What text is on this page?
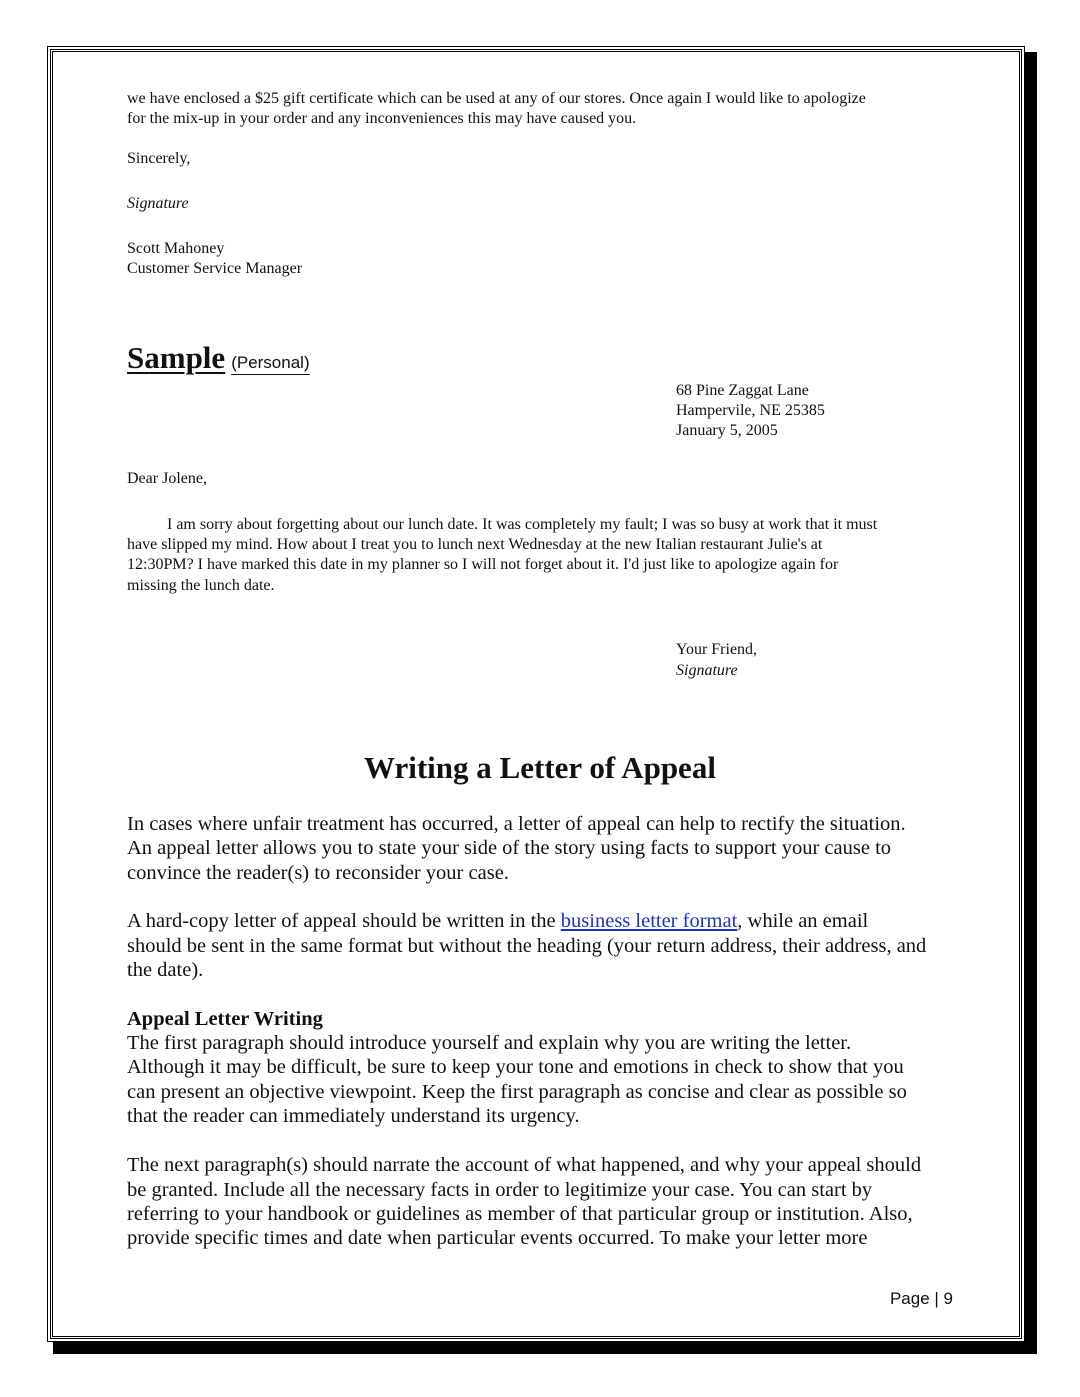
we have enclosed a $25 gift certificate which can be used at any of our stores. Once again I would like to apologize

for the mix-up in your order and any inconveniences this may have caused you.

Sincerely,

Signature

Scott Mahoney

Customer Service Manager

Sample (Personal)

68 Pine Zaggat Lane

Hampervile, NE 25385

January 5, 2005

Dear Jolene,

I am sorry about forgetting about our lunch date. It was completely my fault; I was so busy at work that it must

have slipped my mind. How about I treat you to lunch next Wednesday at the new Italian restaurant Julie's at

12:30PM? I have marked this date in my planner so I will not forget about it. I'd just like to apologize again for

missing the lunch date.

Your Friend,

Signature

Writing a Letter of Appeal

In cases where unfair treatment has occurred, a letter of appeal can help to rectify the situation.

An appeal letter allows you to state your side of the story using facts to support your cause to

convince the reader(s) to reconsider your case.

A hard-copy letter of appeal should be written in the business letter format, while an email

should be sent in the same format but without the heading (your return address, their address, and

the date).

Appeal Letter Writing

The first paragraph should introduce yourself and explain why you are writing the letter.

Although it may be difficult, be sure to keep your tone and emotions in check to show that you

can present an objective viewpoint. Keep the first paragraph as concise and clear as possible so

that the reader can immediately understand its urgency.

The next paragraph(s) should narrate the account of what happened, and why your appeal should

be granted. Include all the necessary facts in order to legitimize your case. You can start by

referring to your handbook or guidelines as member of that particular group or institution. Also,

provide specific times and date when particular events occurred. To make your letter more

Page | 9
